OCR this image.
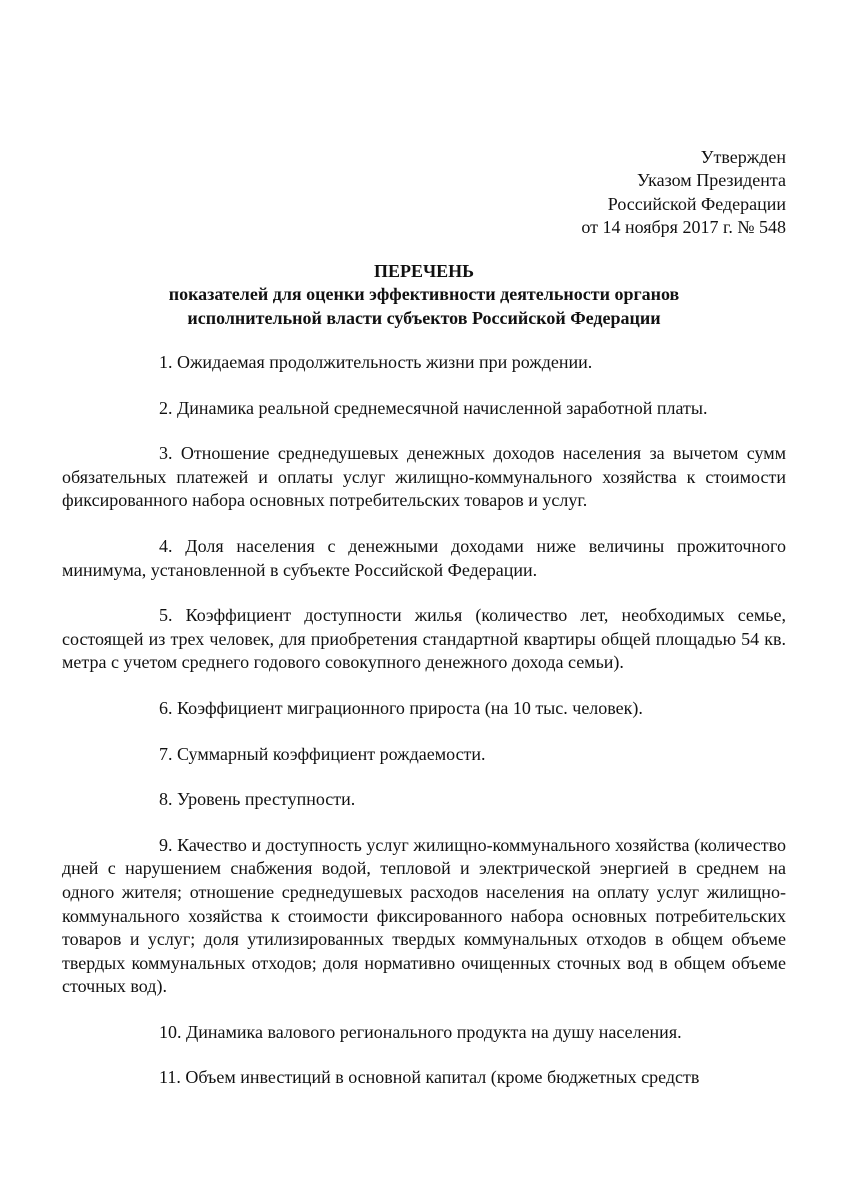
Утвержден
Указом Президента
Российской Федерации
от 14 ноября 2017 г. № 548
ПЕРЕЧЕНЬ
показателей для оценки эффективности деятельности органов
исполнительной власти субъектов Российской Федерации

1. Ожидаемая продолжительность жизни при рождении.

2. Динамика реальной среднемесячной начисленной заработной платы.

3. Отношение среднедушевых денежных доходов населения за вычетом сумм обязательных платежей и оплаты услуг жилищно-коммунального хозяйства к стоимости фиксированного набора основных потребительских товаров и услуг.

4. Доля населения с денежными доходами ниже величины прожиточного минимума, установленной в субъекте Российской Федерации.

5. Коэффициент доступности жилья (количество лет, необходимых семье, состоящей из трех человек, для приобретения стандартной квартиры общей площадью 54 кв. метра с учетом среднего годового совокупного денежного дохода семьи).

6. Коэффициент миграционного прироста (на 10 тыс. человек).

7. Суммарный коэффициент рождаемости.

8. Уровень преступности.

9. Качество и доступность услуг жилищно-коммунального хозяйства (количество дней с нарушением снабжения водой, тепловой и электрической энергией в среднем на одного жителя; отношение среднедушевых расходов населения на оплату услуг жилищно-коммунального хозяйства к стоимости фиксированного набора основных потребительских товаров и услуг; доля утилизированных твердых коммунальных отходов в общем объеме твердых коммунальных отходов; доля нормативно очищенных сточных вод в общем объеме сточных вод).

10. Динамика валового регионального продукта на душу населения.

11. Объем инвестиций в основной капитал (кроме бюджетных средств
